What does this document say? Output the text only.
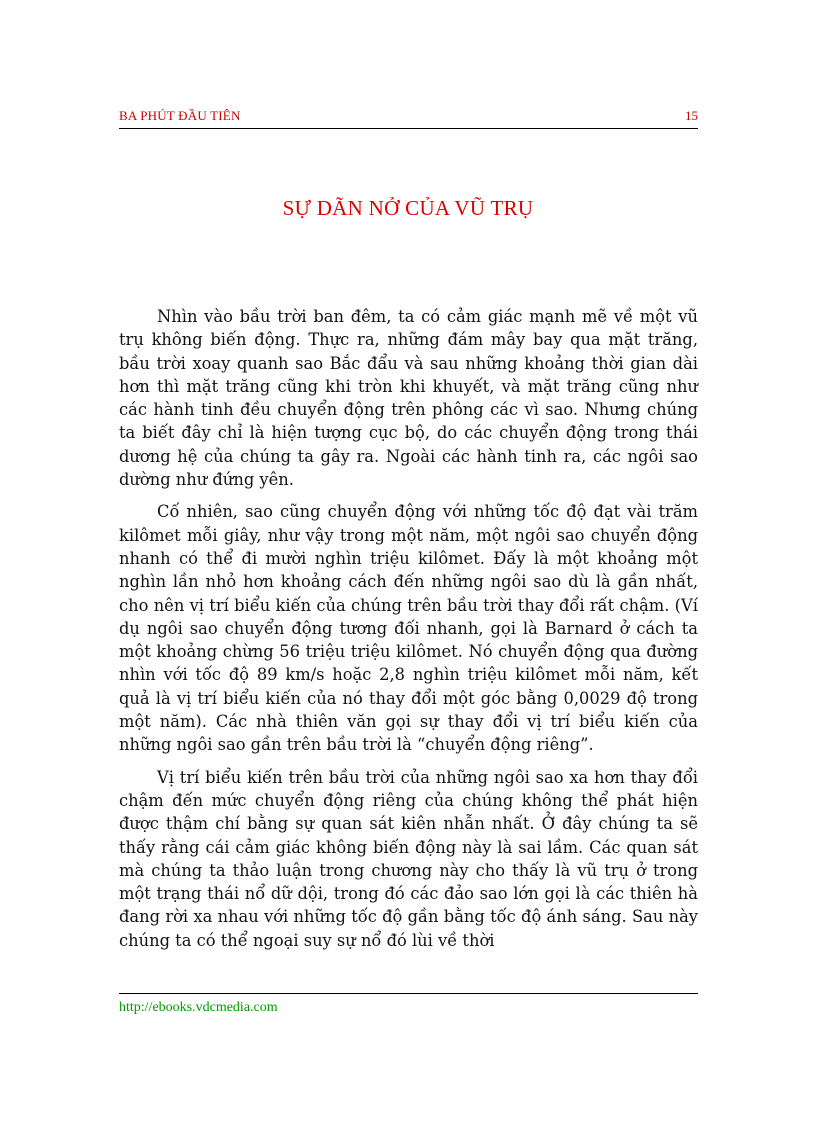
BA PHÚT ĐẦU TIÊN	15
SỰ DÃN NỞ CỦA VŨ TRỤ

Nhìn vào bầu trời ban đêm, ta có cảm giác mạnh mẽ về một vũ trụ không biến động. Thực ra, những đám mây bay qua mặt trăng, bầu trời xoay quanh sao Bắc đẩu và sau những khoảng thời gian dài hơn thì mặt trăng cũng khi tròn khi khuyết, và mặt trăng cũng như các hành tinh đều chuyển động trên phông các vì sao. Nhưng chúng ta biết đây chỉ là hiện tượng cục bộ, do các chuyển động trong thái dương hệ của chúng ta gây ra. Ngoài các hành tinh ra, các ngôi sao dường như đứng yên.

Cố nhiên, sao cũng chuyển động với những tốc độ đạt vài trăm kilômet mỗi giây, như vậy trong một năm, một ngôi sao chuyển động nhanh có thể đi mười nghìn triệu kilômet. Đấy là một khoảng một nghìn lần nhỏ hơn khoảng cách đến những ngôi sao dù là gần nhất, cho nên vị trí biểu kiến của chúng trên bầu trời thay đổi rất chậm. (Ví dụ ngôi sao chuyển động tương đối nhanh, gọi là Barnard ở cách ta một khoảng chừng 56 triệu triệu kilômet. Nó chuyển động qua đường nhìn với tốc độ 89 km/s hoặc 2,8 nghìn triệu kilômet mỗi năm, kết quả là vị trí biểu kiến của nó thay đổi một góc bằng 0,0029 độ trong một năm). Các nhà thiên văn gọi sự thay đổi vị trí biểu kiến của những ngôi sao gần trên bầu trời là “chuyển động riêng”.

Vị trí biểu kiến trên bầu trời của những ngôi sao xa hơn thay đổi chậm đến mức chuyển động riêng của chúng không thể phát hiện được thậm chí bằng sự quan sát kiên nhẫn nhất. Ở đây chúng ta sẽ thấy rằng cái cảm giác không biến động này là sai lầm. Các quan sát mà chúng ta thảo luận trong chương này cho thấy là vũ trụ ở trong một trạng thái nổ dữ dội, trong đó các đảo sao lớn gọi là các thiên hà đang rời xa nhau với những tốc độ gần bằng tốc độ ánh sáng. Sau này chúng ta có thể ngoại suy sự nổ đó lùi về thời

http://ebooks.vdcmedia.com
